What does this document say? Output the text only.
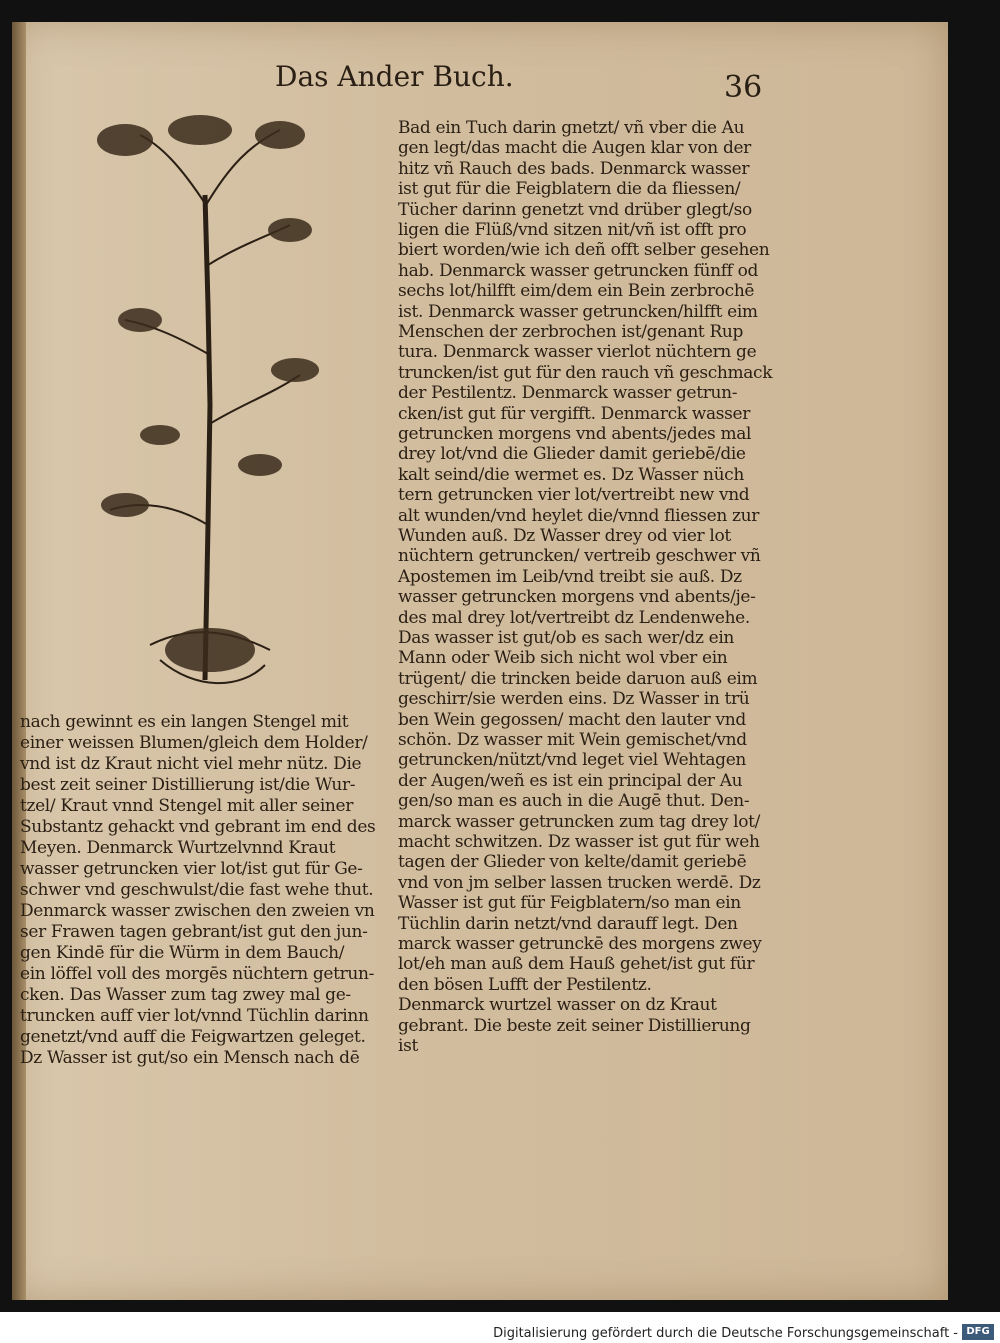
Das Ander Buch.	36
Bad ein Tuch darin gnetzt/ vñ vber die Au
gen legt/das macht die Augen klar von der
hitz vñ Rauch des bads. Denmarck wasser
ist gut für die Feigblatern die da fliessen/
Tücher darinn genetzt vnd drüber glegt/so
ligen die Flüß/vnd sitzen nit/vñ ist offt pro
biert worden/wie ich deñ offt selber gesehen
hab. Denmarck wasser getruncken fünff od
sechs lot/hilfft eim/dem ein Bein zerbrochē
ist. Denmarck wasser getruncken/hilfft eim
Menschen der zerbrochen ist/genant Rup
tura. Denmarck wasser vierlot nüchtern ge
truncken/ist gut für den rauch vñ geschmack
der Pestilentz. Denmarck wasser getrun-
cken/ist gut für vergifft. Denmarck wasser
getruncken morgens vnd abents/jedes mal
drey lot/vnd die Glieder damit geriebē/die
kalt seind/die wermet es. Dz Wasser nüch
tern getruncken vier lot/vertreibt new vnd
alt wunden/vnd heylet die/vnnd fliessen zur
Wunden auß. Dz Wasser drey od vier lot
nüchtern getruncken/ vertreib geschwer vñ
Apostemen im Leib/vnd treibt sie auß. Dz
wasser getruncken morgens vnd abents/je-
des mal drey lot/vertreibt dz Lendenwehe.
Das wasser ist gut/ob es sach wer/dz ein
Mann oder Weib sich nicht wol vber ein
trügent/ die trincken beide daruon auß eim
geschirr/sie werden eins. Dz Wasser in trü
ben Wein gegossen/ macht den lauter vnd
schön. Dz wasser mit Wein gemischet/vnd
getruncken/nützt/vnd leget viel Wehtagen
der Augen/weñ es ist ein principal der Au
gen/so man es auch in die Augē thut. Den-
marck wasser getruncken zum tag drey lot/
macht schwitzen. Dz wasser ist gut für weh
tagen der Glieder von kelte/damit geriebē
vnd von jm selber lassen trucken werdē. Dz
Wasser ist gut für Feigblatern/so man ein
Tüchlin darin netzt/vnd darauff legt. Den
marck wasser getrunckē des morgens zwey
lot/eh man auß dem Hauß gehet/ist gut für
den bösen Lufft der Pestilentz.
Denmarck wurtzel wasser on dz Kraut
gebrant. Die beste zeit seiner Distillierung
ist
nach gewinnt es ein langen Stengel mit
einer weissen Blumen/gleich dem Holder/
vnd ist dz Kraut nicht viel mehr nütz. Die
best zeit seiner Distillierung ist/die Wur-
tzel/ Kraut vnnd Stengel mit aller seiner
Substantz gehackt vnd gebrant im end des
Meyen. Denmarck Wurtzelvnnd Kraut
wasser getruncken vier lot/ist gut für Ge-
schwer vnd geschwulst/die fast wehe thut.
Denmarck wasser zwischen den zweien vn
ser Frawen tagen gebrant/ist gut den jun-
gen Kindē für die Würm in dem Bauch/
ein löffel voll des morgēs nüchtern getrun-
cken. Das Wasser zum tag zwey mal ge-
truncken auff vier lot/vnnd Tüchlin darinn
genetzt/vnd auff die Feigwartzen geleget.
Dz Wasser ist gut/so ein Mensch nach dē
Digitalisierung gefördert durch die Deutsche Forschungsgemeinschaft - DFG
